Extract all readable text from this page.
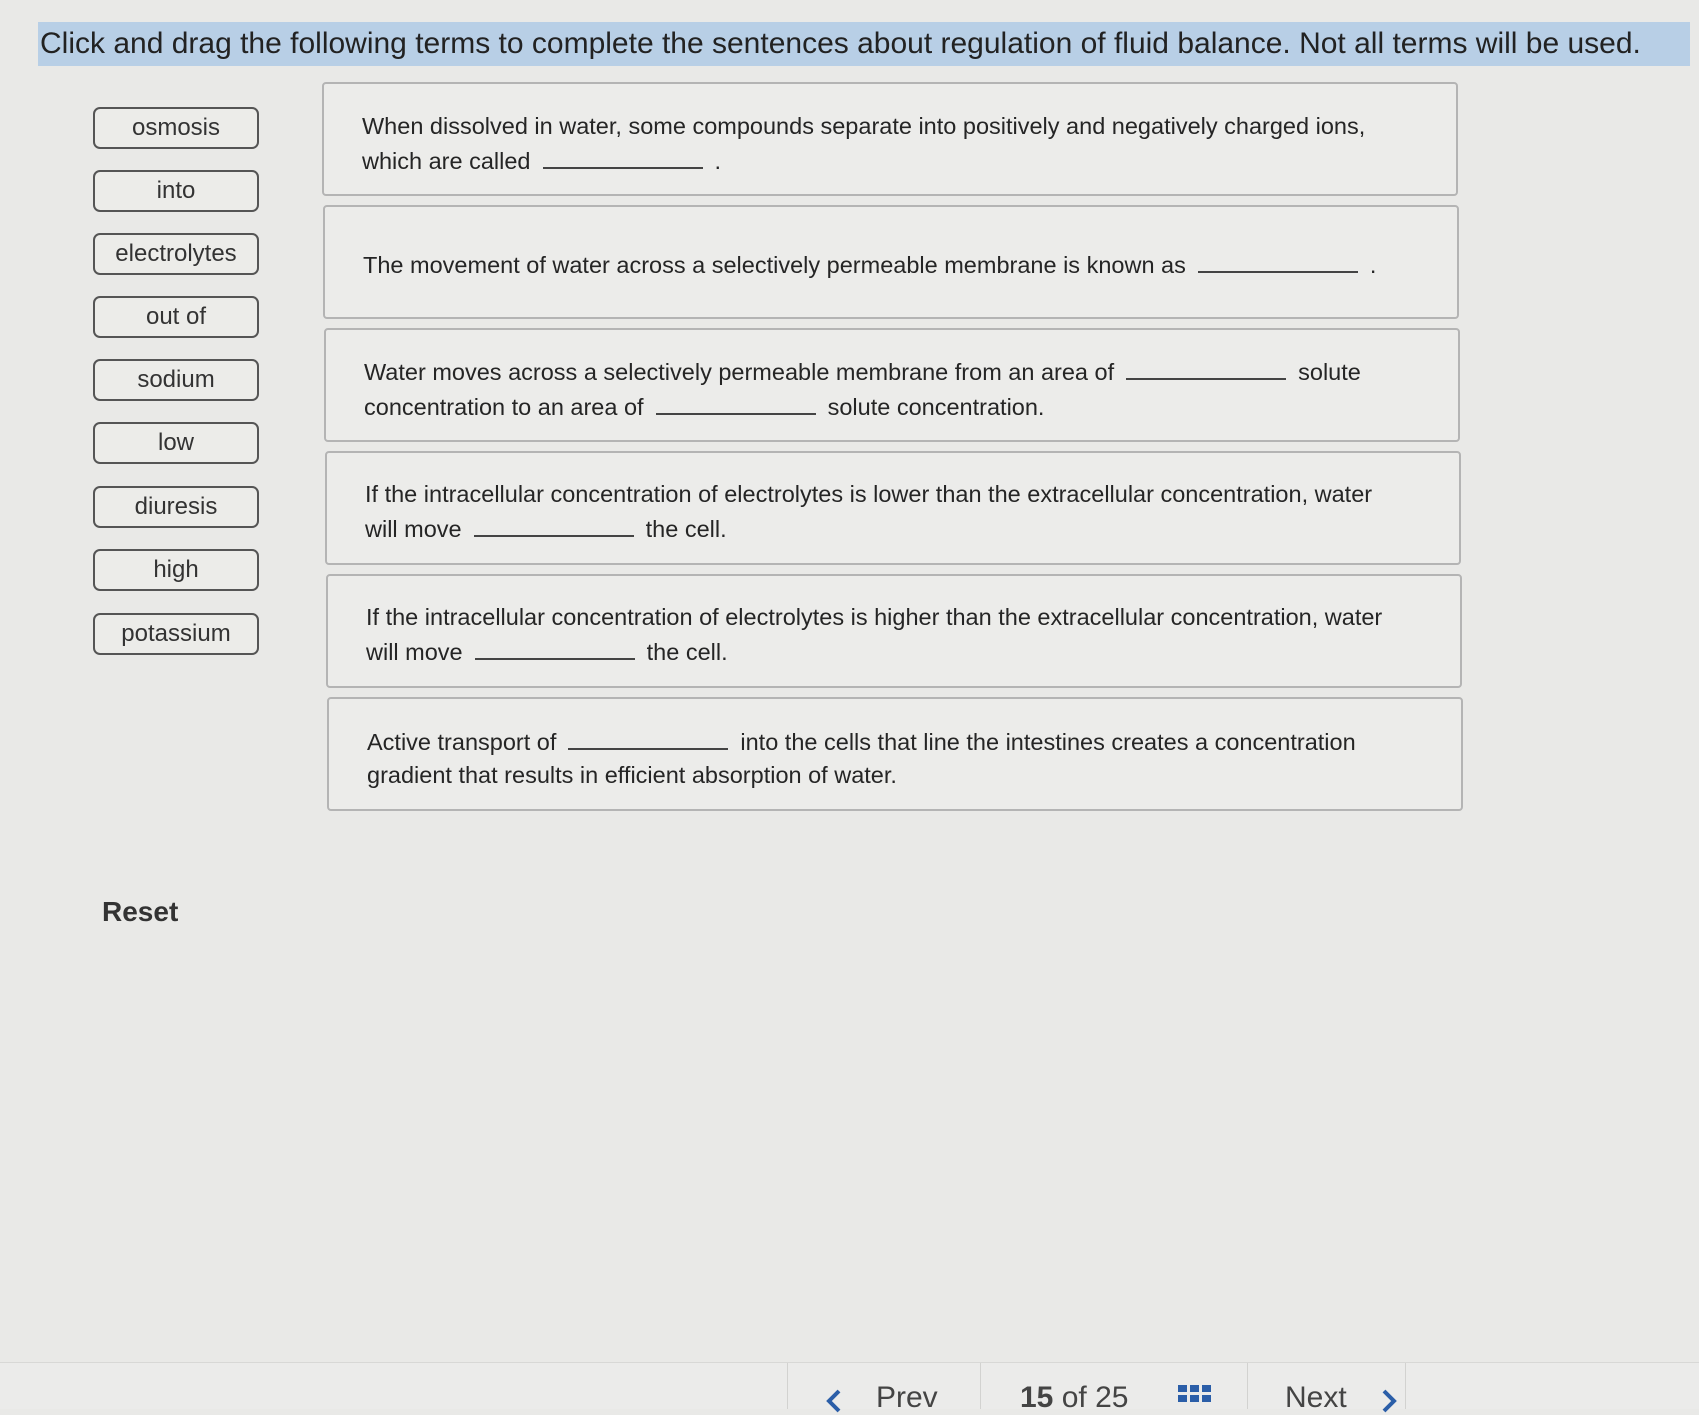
Click and drag the following terms to complete the sentences about regulation of fluid balance. Not all terms will be used.
osmosis
into
electrolytes
out of
sodium
low
diuresis
high
potassium
When dissolved in water, some compounds separate into positively and negatively charged ions,
which are called	.
The movement of water across a selectively permeable membrane is known as	.
Water moves across a selectively permeable membrane from an area of	solute
concentration to an area of	solute concentration.
If the intracellular concentration of electrolytes is lower than the extracellular concentration, water
will move	the cell.
If the intracellular concentration of electrolytes is higher than the extracellular concentration, water
will move	the cell.
Active transport of	into the cells that line the intestines creates a concentration
gradient that results in efficient absorption of water.
Reset
Prev	15 of 25	Next
